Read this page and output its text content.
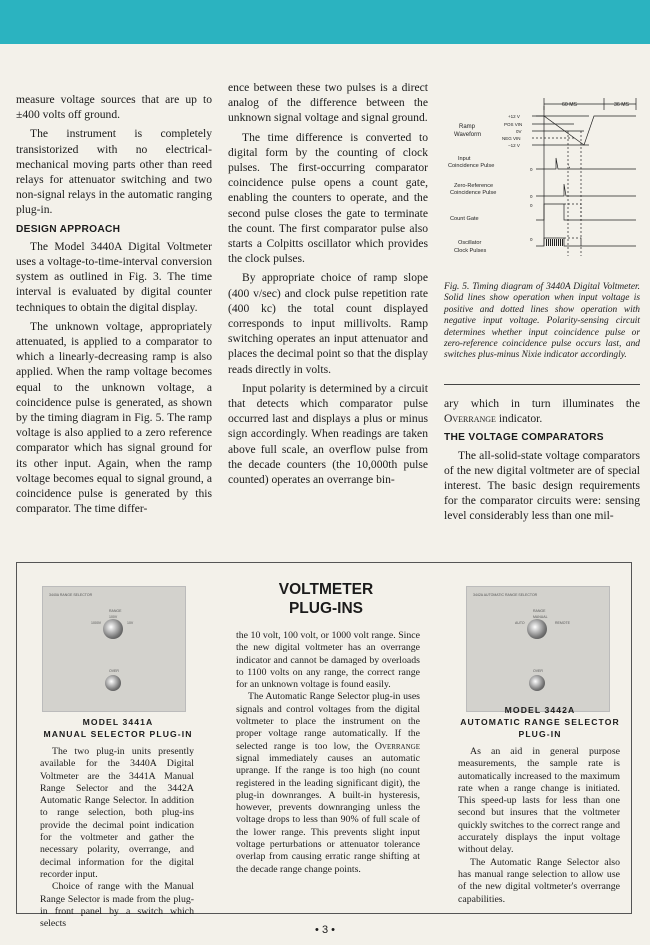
measure voltage sources that are up to ±400 volts off ground.

The instrument is completely transistorized with no electrical-mechanical moving parts other than reed relays for attenuator switching and two non-signal relays in the automatic ranging plug-in.

DESIGN APPROACH

The Model 3440A Digital Voltmeter uses a voltage-to-time-interval conversion system as outlined in Fig. 3. The time interval is evaluated by digital counter techniques to obtain the digital display.

The unknown voltage, appropriately attenuated, is applied to a comparator to which a linearly-decreasing ramp is also applied. When the ramp voltage becomes equal to the unknown voltage, a coincidence pulse is generated, as shown by the timing diagram in Fig. 5. The ramp voltage is also applied to a zero reference comparator which has signal ground for its other input. Again, when the ramp voltage becomes equal to signal ground, a coincidence pulse is generated by this comparator. The time differ-

ence between these two pulses is a direct analog of the difference between the unknown signal voltage and signal ground.

The time difference is converted to digital form by the counting of clock pulses. The first-occurring comparator coincidence pulse opens a count gate, enabling the counters to operate, and the second pulse closes the gate to terminate the count. The first comparator pulse also starts a Colpitts oscillator which provides the clock pulses.

By appropriate choice of ramp slope (400 v/sec) and clock pulse repetition rate (400 kc) the total count displayed corresponds to input millivolts. Ramp switching operates an input attenuator and places the decimal point so that the display reads directly in volts.

Input polarity is determined by a circuit that detects which comparator pulse occurred last and displays a plus or minus sign accordingly. When readings are taken above full scale, an overflow pulse from the decade counters (the 10,000th pulse counted) operates an overrange bin-

60 MS	36 MS
+12 V
POS VIN
0V
NEG VIN
−12 V
Ramp
Waveform
Input
Coincidence Pulse
0
Zero-Reference
Coincidence Pulse
0
Count Gate
0
Oscillator
Clock Pulses
0
Fig. 5. Timing diagram of 3440A Digital Voltmeter. Solid lines show operation when input voltage is positive and dotted lines show operation with negative input voltage. Polarity-sensing circuit determines whether input coincidence pulse or zero-reference coincidence pulse occurs last, and switches plus-minus Nixie indicator accordingly.

ary which in turn illuminates the Overrange indicator.

THE VOLTAGE COMPARATORS

The all-solid-state voltage comparators of the new digital voltmeter are of special interest. The basic design requirements for the comparator circuits were: sensing level considerably less than one mil-

3440A RANGE SELECTOR
RANGE
100V
1000V	10V
OVER
VOLTMETER
PLUG-INS
3442A AUTOMATIC RANGE SELECTOR
RANGE
MANUAL
REMOTE
AUTO
OVER
MODEL 3441A
MANUAL SELECTOR PLUG-IN
MODEL 3442A
AUTOMATIC RANGE SELECTOR PLUG-IN

The two plug-in units presently available for the 3440A Digital Voltmeter are the 3441A Manual Range Selector and the 3442A Automatic Range Selector. In addition to range selection, both plug-ins provide the decimal point indication for the voltmeter and gather the necessary polarity, overrange, and decimal information for the digital recorder input.

Choice of range with the Manual Range Selector is made from the plug-in front panel by a switch which selects

the 10 volt, 100 volt, or 1000 volt range. Since the new digital voltmeter has an overrange indicator and cannot be damaged by overloads to 1100 volts on any range, the correct range for an unknown voltage is found easily.

The Automatic Range Selector plug-in uses signals and control voltages from the digital voltmeter to place the instrument on the proper voltage range automatically. If the selected range is too low, the Overrange signal immediately causes an automatic uprange. If the range is too high (no count registered in the leading significant digit), the plug-in downranges. A built-in hysteresis, however, prevents downranging unless the voltage drops to less than 90% of full scale of the lower range. This prevents slight input voltage perturbations or attenuator tolerance overlap from causing erratic range shifting at the decade range change points.

As an aid in general purpose measurements, the sample rate is automatically increased to the maximum rate when a range change is initiated. This speed-up lasts for less than one second but insures that the voltmeter quickly switches to the correct range and accurately displays the input voltage without delay.

The Automatic Range Selector also has manual range selection to allow use of the new digital voltmeter's overrange capabilities.

• 3 •
